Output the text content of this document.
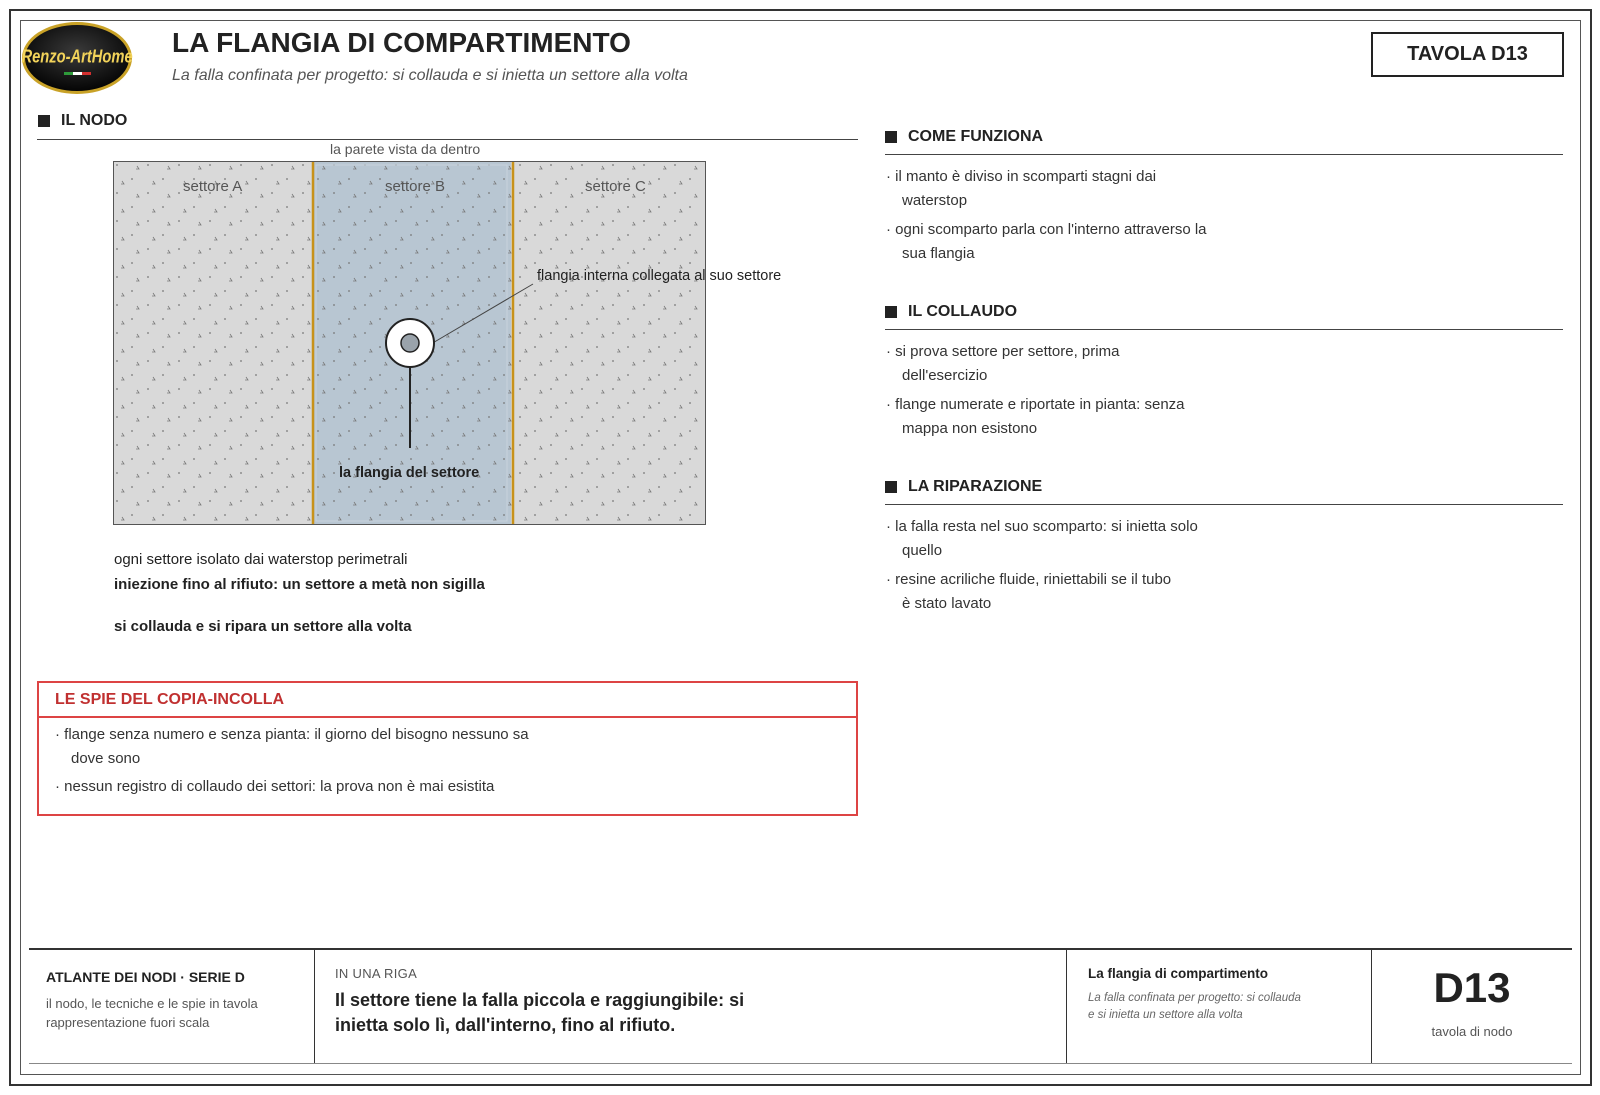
Renzo-ArtHome LA FLANGIA DI COMPARTIMENTO
La falla confinata per progetto: si collauda e si inietta un settore alla volta
TAVOLA D13
IL NODO
la parete vista da dentro
settore A	settore B	settore C
flangia interna collegata al suo settore
la flangia del settore
ogni settore isolato dai waterstop perimetrali
iniezione fino al rifiuto: un settore a metà non sigilla
si collauda e si ripara un settore alla volta
LE SPIE DEL COPIA-INCOLLA
· flange senza numero e senza pianta: il giorno del bisogno nessuno sa
dove sono
· nessun registro di collaudo dei settori: la prova non è mai esistita
COME FUNZIONA
· il manto è diviso in scomparti stagni dai
waterstop
· ogni scomparto parla con l'interno attraverso la
sua flangia
IL COLLAUDO
· si prova settore per settore, prima
dell'esercizio
· flange numerate e riportate in pianta: senza
mappa non esistono
LA RIPARAZIONE
· la falla resta nel suo scomparto: si inietta solo
quello
· resine acriliche fluide, riniettabili se il tubo
è stato lavato
ATLANTE DEI NODI · SERIE D
il nodo, le tecniche e le spie in tavola
rappresentazione fuori scala
IN UNA RIGA
Il settore tiene la falla piccola e raggiungibile: si
inietta solo lì, dall'interno, fino al rifiuto.
La flangia di compartimento
La falla confinata per progetto: si collauda
e si inietta un settore alla volta
D13
tavola di nodo
